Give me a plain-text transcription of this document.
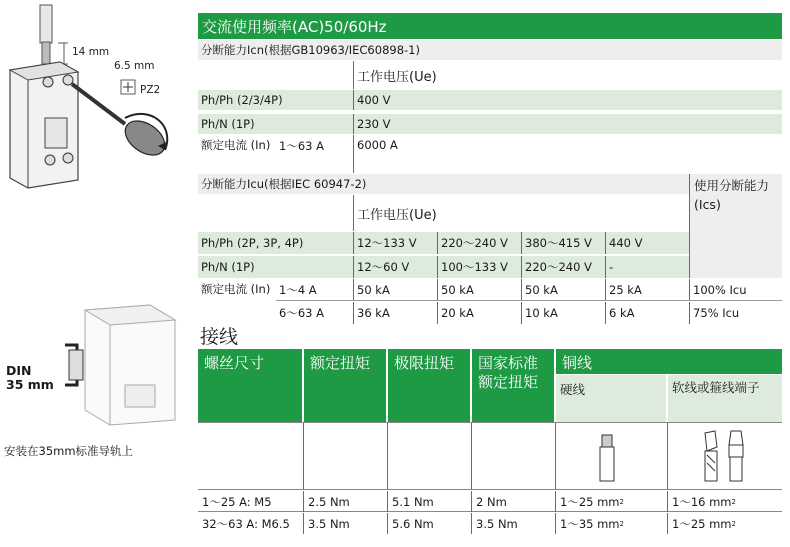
14 mm
6.5 mm
PZ2
DIN
35 mm
安装在35mm标准导轨上
交流使用频率(AC)50/60Hz
分断能力Icn(根据GB10963/IEC60898-1)
工作电压(Ue)
Ph/Ph (2/3/4P)	400 V
Ph/N (1P)	230 V
额定电流 (In) 1～63 A	6000 A
分断能力Icu(根据IEC 60947-2)	使用分断能力(Ics)
工作电压(Ue)
Ph/Ph (2P, 3P, 4P)	12～133 V	220～240 V	380～415 V	440 V
Ph/N (1P)	12～60 V	100～133 V	220～240 V	-
额定电流 (In) 1～4 A	50 kA	50 kA	50 kA	25 kA	100% Icu
6～63 A	36 kA	20 kA	10 kA	6 kA	75% Icu
接线
螺丝尺寸	额定扭矩	极限扭矩	国家标准额定扭矩
铜线
硬线	软线或箍线端子
1～25 A: M5	2.5 Nm	5.1 Nm	2 Nm	1～25 mm 2	1～16 mm 2
32～63 A: M6.5	3.5 Nm	5.6 Nm	3.5 Nm	1～35 mm 2	1～25 mm 2
